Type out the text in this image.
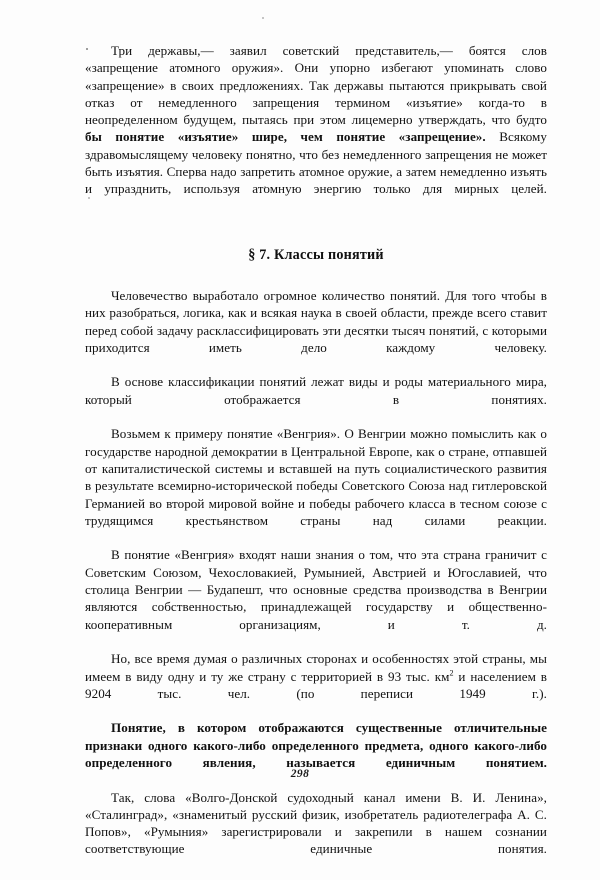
Три державы,— заявил советский представитель,— боятся слов «запрещение атомного оружия». Они упорно избегают упоминать слово «запрещение» в своих предложениях. Так державы пытаются прикрывать свой отказ от немедленного запрещения термином «изъятие» когда-то в неопределенном будущем, пытаясь при этом лицемерно утверждать, что будто бы понятие «изъятие» шире, чем понятие «запрещение». Всякому здравомыслящему человеку понятно, что без немедленного запрещения не может быть изъятия. Сперва надо запретить атомное оружие, а затем немедленно изъять и упразднить, используя атомную энергию только для мирных целей.

§ 7. Классы понятий

Человечество выработало огромное количество понятий. Для того чтобы в них разобраться, логика, как и всякая наука в своей области, прежде всего ставит перед собой задачу расклассифицировать эти десятки тысяч понятий, с которыми приходится иметь дело каждому человеку.

В основе классификации понятий лежат виды и роды материального мира, который отображается в понятиях.

Возьмем к примеру понятие «Венгрия». О Венгрии можно помыслить как о государстве народной демократии в Центральной Европе, как о стране, отпавшей от капиталистической системы и вставшей на путь социалистического развития в результате всемирно-исторической победы Советского Союза над гитлеровской Германией во второй мировой войне и победы рабочего класса в тесном союзе с трудящимся крестьянством страны над силами реакции.

В понятие «Венгрия» входят наши знания о том, что эта страна граничит с Советским Союзом, Чехословакией, Румынией, Австрией и Югославией, что столица Венгрии — Будапешт, что основные средства производства в Венгрии являются собственностью, принадлежащей государству и общественно-кооперативным организациям, и т. д.

Но, все время думая о различных сторонах и особенностях этой страны, мы имеем в виду одну и ту же страну с территорией в 93 тыс. $км^2$ и населением в 9204 тыс. чел. (по переписи 1949 г.).

Понятие, в котором отображаются существенные отличительные признаки одного какого-либо определенного предмета, одного какого-либо определенного явления, называется единичным понятием.

Так, слова «Волго-Донской судоходный канал имени В. И. Ленина», «Сталинград», «знаменитый русский физик, изобретатель радиотелеграфа А. С. Попов», «Румыния» зарегистрировали и закрепили в нашем сознании соответствующие единичные понятия.

298
